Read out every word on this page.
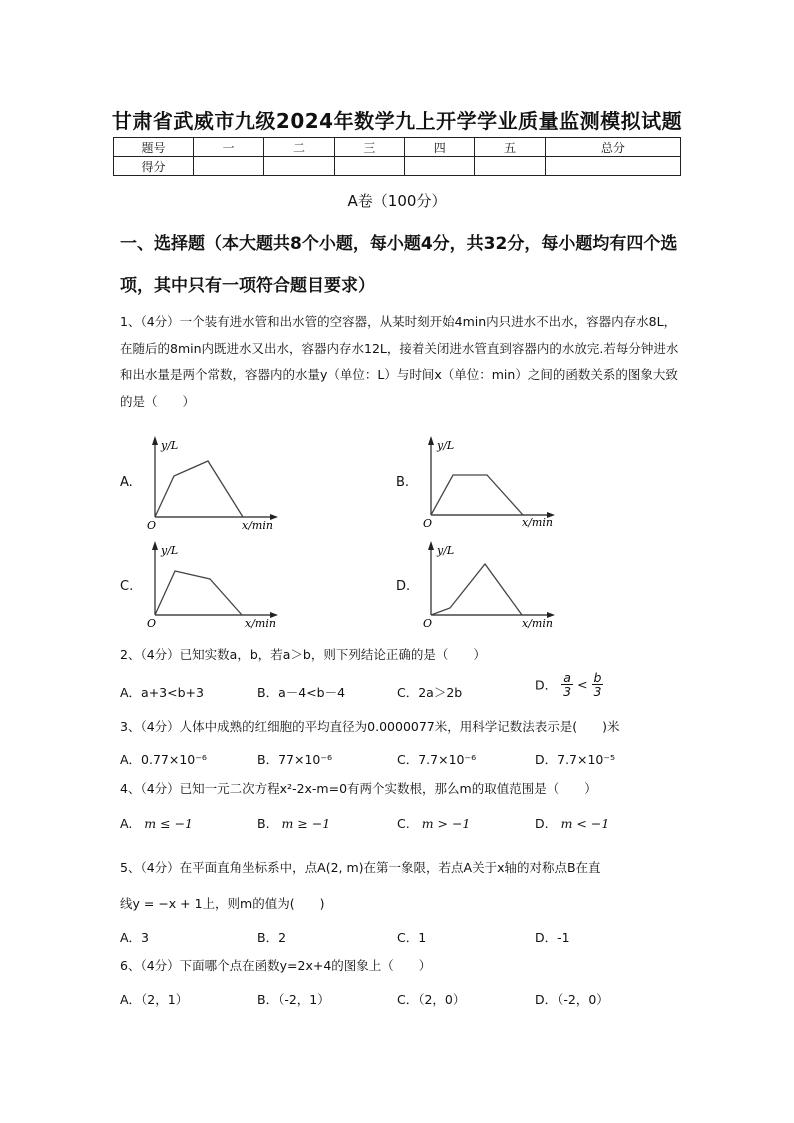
甘肃省武威市九级2024年数学九上开学学业质量监测模拟试题
题号	一	二	三	四	五	总分
得分						
A卷（100分）
一、选择题（本大题共8个小题，每小题4分，共32分，每小题均有四个选项，其中只有一项符合题目要求）
1、（4分）一个装有进水管和出水管的空容器，从某时刻开始4min内只进水不出水，容器内存水8L，在随后的8min内既进水又出水，容器内存水12L，接着关闭进水管直到容器内的水放完.若每分钟进水和出水量是两个常数，容器内的水量y（单位：L）与时间x（单位：min）之间的函数关系的图象大致的是（　　）
A.
y/L
x/min
O
B.
y/L
x/min
O
C.
y/L
x/min
O
D.
y/L
x/min
O
2、（4分）已知实数a，b，若a＞b，则下列结论正确的是（　　）
A．a+3<b+3	B．a－4<b－4	C．2a＞2b	D． $\frac{a}{3} < \frac{b}{3}$
3、（4分）人体中成熟的红细胞的平均直径为0.0000077米，用科学记数法表示是(　　)米
A．0.77×10⁻⁶	B．77×10⁻⁶	C．7.7×10⁻⁶	D．7.7×10⁻⁵
4、（4分）已知一元二次方程x²-2x-m=0有两个实数根，那么m的取值范围是（　　）
A. m ≤ −1	B. m ≥ −1	C. m > −1	D. m < −1
5、（4分）在平面直角坐标系中，点A(2, m)在第一象限，若点A关于x轴的对称点B在直
线y = −x + 1上，则m的值为(　　)
A．3	B．2	C．1	D．-1
6、（4分）下面哪个点在函数y=2x+4的图象上（　　）
A．（2，1）	B．（-2，1）	C．（2，0）	D．（-2，0）
